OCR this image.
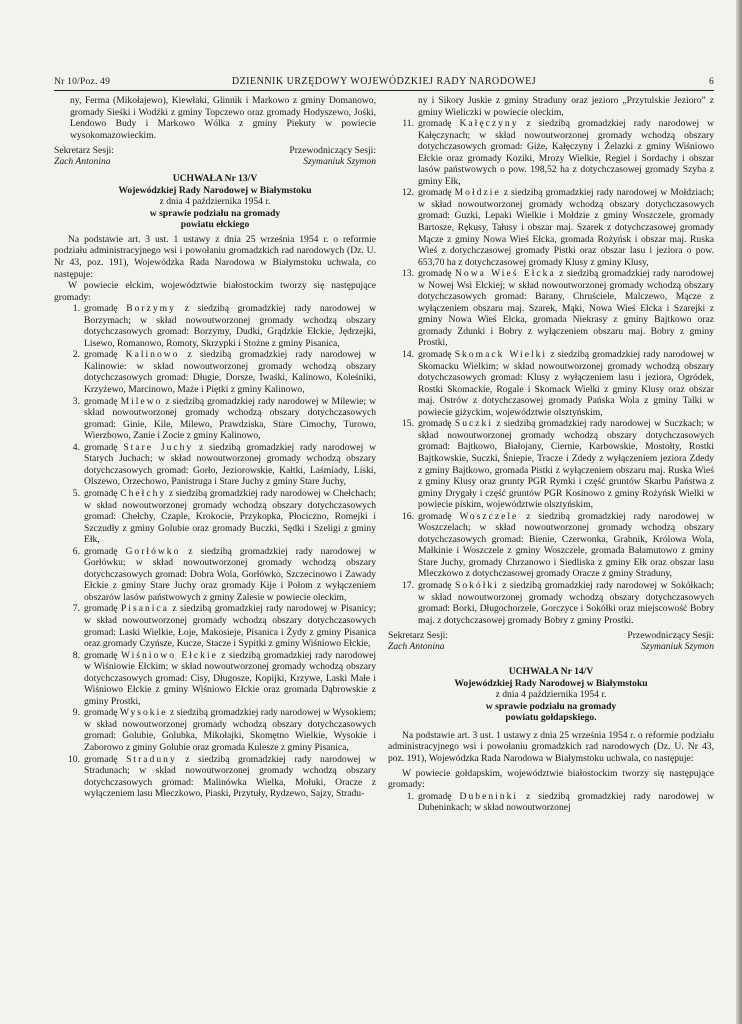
Nr 10/Poz. 49	DZIENNIK URZĘDOWY WOJEWÓDZKIEJ RADY NARODOWEJ	6

ny, Ferma (Mikołajewo), Kiewłaki, Glinnik i Markowo z gminy Domanowo, gromady Sieśki i Wodźki z gminy Topczewo oraz gromady Hodyszewo, Jośki, Lendowo Budy i Markowo Wólka z gminy Piekuty w powiecie wysokomazowieckim.

Sekretarz Sesji:
Zach Antonina
Przewodniczący Sesji:
Szymaniuk Szymon
UCHWAŁA Nr 13/V
Wojewódzkiej Rady Narodowej w Białymstoku
z dnia 4 października 1954 r.
w sprawie podziału na gromady
powiatu ełckiego

Na podstawie art. 3 ust. 1 ustawy z dnia 25 września 1954 r. o reformie podziału administracyjnego wsi i powołaniu gromadzkich rad narodowych (Dz. U. Nr 43, poz. 191), Wojewódzka Rada Narodowa w Białymstoku uchwala, co następuje:

W powiecie ełckim, województwie białostockim tworzy się następujące gromady:

1. gromadę Borzymy z siedzibą gromadzkiej rady narodowej w Borzymach; w skład nowoutworzonej gromady wchodzą obszary dotychczasowych gromad: Borzymy, Dudki, Grądzkie Ełckie, Jędrzejki, Lisewo, Romanowo, Romoty, Skrzypki i Stożne z gminy Pisanica,
2. gromadę Kalinowo z siedzibą gromadzkiej rady narodowej w Kalinowie: w skład nowoutworzonej gromady wchodzą obszary dotychczasowych gromad: Długie, Dorsze, Iwaśki, Kalinowo, Koleśniki, Krzyżewo, Marcinowo, Maże i Piętki z gminy Kalinowo,
3. gromadę Milewo z siedzibą gromadzkiej rady narodowej w Milewie; w skład nowoutworzonej gromady wchodzą obszary dotychczasowych gromad: Ginie, Kile, Milewo, Prawdziska, Stare Cimochy, Turowo, Wierzbowo, Zanie i Zocie z gminy Kalinowo,
4. gromadę Stare Juchy z siedzibą gromadzkiej rady narodowej w Starych Juchach; w skład nowoutworzonej gromady wchodzą obszary dotychczasowych gromad: Gorło, Jeziorowskie, Kałtki, Laśmiady, Liski, Olszewo, Orzechowo, Panistruga i Stare Juchy z gminy Stare Juchy,
5. gromadę Chełchy z siedzibą gromadzkiej rady narodowej w Chełchach; w skład nowoutworzonej gromady wchodzą obszary dotychczasowych gromad: Chełchy, Czaple, Krokocie, Przykopka, Płociczno, Romejki i Szczudły z gminy Golubie oraz gromady Buczki, Sędki i Szeligi z gminy Ełk,
6. gromadę Gorłówko z siedzibą gromadzkiej rady narodowej w Gorłówku; w skład nowoutworzonej gromady wchodzą obszary dotychczasowych gromad: Dobra Wola, Gorłówko, Szczecinowo i Zawady Ełckie z gminy Stare Juchy oraz gromady Kije i Połom z wyłączeniem obszarów lasów państwowych z gminy Zalesie w powiecie oleckim,
7. gromadę Pisanica z siedzibą gromadzkiej rady narodowej w Pisanicy; w skład nowoutworzonej gromady wchodzą obszary dotychczasowych gromad: Laski Wielkie, Łoje, Makosieje, Pisanica i Żydy z gminy Pisanica oraz gromady Czyńsze, Kucze, Stacze i Sypitki z gminy Wiśniowo Ełckie,
8. gromadę Wiśniowo Ełckie z siedzibą gromadzkiej rady narodowej w Wiśniowie Ełckim; w skład nowoutworzonej gromady wchodzą obszary dotychczasowych gromad: Cisy, Długosze, Kopijki, Krzywe, Laski Małe i Wiśniowo Ełckie z gminy Wiśniowo Ełckie oraz gromada Dąbrowskie z gminy Prostki,
9. gromadę Wysokie z siedzibą gromadzkiej rady narodowej w Wysokiem; w skład nowoutworzonej gromady wchodzą obszary dotychczasowych gromad: Golubie, Golubka, Mikołajki, Skomętno Wielkie, Wysokie i Zaborowo z gminy Golubie oraz gromada Kulesze z gminy Pisanica,
10. gromadę Straduny z siedzibą gromadzkiej rady narodowej w Stradunach; w skład nowoutworzonej gromady wchodzą obszary dotychczasowych gromad: Malinówka Wielka, Mołuki, Oracze z wyłączeniem lasu Mleczkowo, Piaski, Przytuły, Rydzewo, Sajzy, Stradu-

ny i Sikory Juskie z gminy Straduny oraz jezioro „Przytulskie Jezioro” z gminy Wieliczki w powiecie oleckim,

11. gromadę Kałęczyny z siedzibą gromadzkiej rady narodowej w Kałęczynach; w skład nowoutworzonej gromady wchodzą obszary dotychczasowych gromad: Giże, Kałęczyny i Żelazki z gminy Wiśniowo Ełckie oraz gromady Koziki, Mrozy Wielkie, Regiel i Sordachy i obszar lasów państwowych o pow. 198,52 ha z dotychczasowej gromady Szyba z gminy Ełk,
12. gromadę Mołdzie z siedzibą gromadzkiej rady narodowej w Mołdziach; w skład nowoutworzonej gromady wchodzą obszary dotychczasowych gromad: Guzki, Lepaki Wielkie i Mołdzie z gminy Woszczele, gromady Bartosze, Rękusy, Tałusy i obszar maj. Szarek z dotychczasowej gromady Mącze z gminy Nowa Wieś Ełcka, gromada Rożyńsk i obszar maj. Ruska Wieś z dotychczasowej gromady Pistki oraz obszar lasu i jeziora o pow. 653,70 ha z dotychczasowej gromady Klusy z gminy Klusy,
13. gromadę Nowa Wieś Ełcka z siedzibą gromadzkiej rady narodowej w Nowej Wsi Ełckiej; w skład nowoutworzonej gromady wchodzą obszary dotychczasowych gromad: Barany, Chruściele, Malczewo, Mącze z wyłączeniem obszaru maj. Szarek, Mąki, Nowa Wieś Ełcka i Szarejki z gminy Nowa Wieś Ełcka, gromada Niekrasy z gminy Bajtkowo oraz gromady Zdunki i Bobry z wyłączeniem obszaru maj. Bobry z gminy Prostki,
14. gromadę Skomack Wielki z siedzibą gromadzkiej rady narodowej w Skomacku Wielkim; w skład nowoutworzonej gromady wchodzą obszary dotychczasowych gromad: Klusy z wyłączeniem lasu i jeziora, Ogródek, Rostki Skomackie, Rogale i Skomack Wielki z gminy Klusy oraz obszar maj. Ostrów z dotychczasowej gromady Pańska Wola z gminy Talki w powiecie giżyckim, województwie olsztyńskim,
15. gromadę Suczki z siedzibą gromadzkiej rady narodowej w Suczkach; w skład nowoutworzonej gromady wchodzą obszary dotychczasowych gromad: Bajtkowo, Białojany, Ciernie, Karbowskie, Mostołty, Rostki Bajtkowskie, Suczki, Śniepie, Tracze i Zdedy z wyłączeniem jeziora Zdedy z gminy Bajtkowo, gromada Pistki z wyłączeniem obszaru maj. Ruska Wieś z gminy Klusy oraz grunty PGR Rymki i część gruntów Skarbu Państwa z gminy Drygały i część gruntów PGR Kosinowo z gminy Rożyńsk Wielki w powiecie piskim, województwie olsztyńskim,
16. gromadę Woszczele z siedzibą gromadzkiej rady narodowej w Woszczelach; w skład nowoutworzonej gromady wchodzą obszary dotychczasowych gromad: Bienie, Czerwonka, Grabnik, Królowa Wola, Małkinie i Woszczele z gminy Woszczele, gromada Bałamutowo z gminy Stare Juchy, gromady Chrzanowo i Siedliska z gminy Ełk oraz obszar lasu Mleczkowo z dotychczasowej gromady Oracze z gminy Straduny,
17. gromadę Sokółki z siedzibą gromadzkiej rady narodowej w Sokółkach; w skład nowoutworzonej gromady wchodzą obszary dotychczasowych gromad: Borki, Długochorzele, Gorczyce i Sokółki oraz miejscowość Bobry maj. z dotychczasowej gromady Bobry z gminy Prostki.
Sekretarz Sesji:
Zach Antonina
Przewodniczący Sesji:
Szymaniuk Szymon
UCHWAŁA Nr 14/V
Wojewódzkiej Rady Narodowej w Białymstoku
z dnia 4 października 1954 r.
w sprawie podziału na gromady
powiatu gołdapskiego.

Na podstawie art. 3 ust. 1 ustawy z dnia 25 września 1954 r. o reformie podziału administracyjnego wsi i powołaniu gromadzkich rad narodowych (Dz. U. Nr 43, poz. 191), Wojewódzka Rada Narodowa w Białymstoku uchwala, co następuje:

W powiecie gołdapskim, województwie białostockim tworzy się następujące gromady:

1. gromadę Dubeninki z siedzibą gromadzkiej rady narodowej w Dubeninkach; w skład nowoutworzonej
